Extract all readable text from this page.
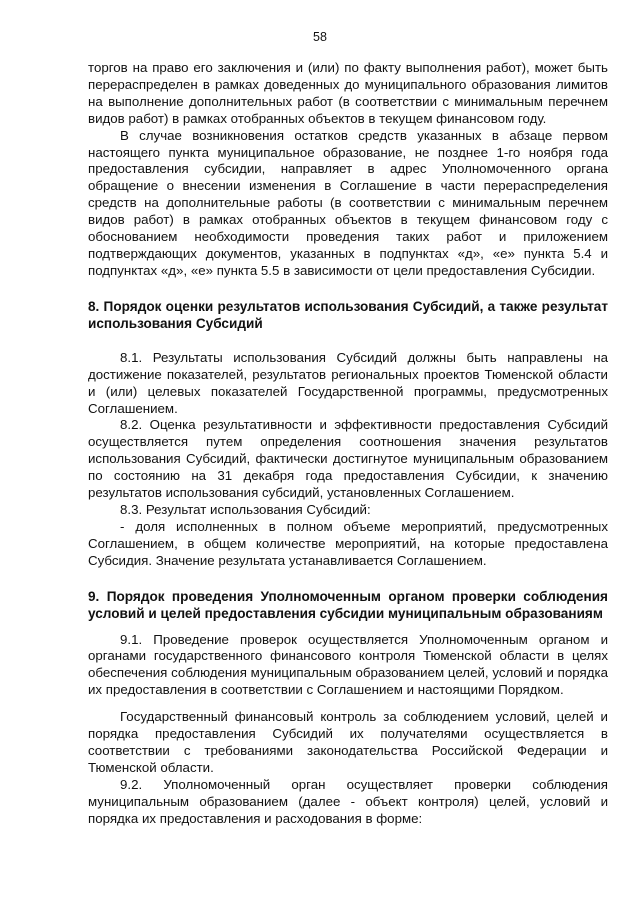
58

торгов на право его заключения и (или) по факту выполнения работ), может быть перераспределен в рамках доведенных до муниципального образования лимитов на выполнение дополнительных работ (в соответствии с минимальным перечнем видов работ) в рамках отобранных объектов в текущем финансовом году.

В случае возникновения остатков средств указанных в абзаце первом настоящего пункта муниципальное образование, не позднее 1-го ноября года предоставления субсидии, направляет в адрес Уполномоченного органа обращение о внесении изменения в Соглашение в части перераспределения средств на дополнительные работы (в соответствии с минимальным перечнем видов работ) в рамках отобранных объектов в текущем финансовом году с обоснованием необходимости проведения таких работ и приложением подтверждающих документов, указанных в подпунктах «д», «е» пункта 5.4 и подпунктах «д», «е» пункта 5.5 в зависимости от цели предоставления Субсидии.

8. Порядок оценки результатов использования Субсидий, а также результат использования Субсидий

8.1. Результаты использования Субсидий должны быть направлены на достижение показателей, результатов региональных проектов Тюменской области и (или) целевых показателей Государственной программы, предусмотренных Соглашением.

8.2. Оценка результативности и эффективности предоставления Субсидий осуществляется путем определения соотношения значения результатов использования Субсидий, фактически достигнутое муниципальным образованием по состоянию на 31 декабря года предоставления Субсидии, к значению результатов использования субсидий, установленных Соглашением.

8.3. Результат использования Субсидий:

- доля исполненных в полном объеме мероприятий, предусмотренных Соглашением, в общем количестве мероприятий, на которые предоставлена Субсидия. Значение результата устанавливается Соглашением.

9. Порядок проведения Уполномоченным органом проверки соблюдения условий и целей предоставления субсидии муниципальным образованиям

9.1. Проведение проверок осуществляется Уполномоченным органом и органами государственного финансового контроля Тюменской области в целях обеспечения соблюдения муниципальным образованием целей, условий и порядка их предоставления в соответствии с Соглашением и настоящими Порядком.

Государственный финансовый контроль за соблюдением условий, целей и порядка предоставления Субсидий их получателями осуществляется в соответствии с требованиями законодательства Российской Федерации и Тюменской области.

9.2. Уполномоченный орган осуществляет проверки соблюдения муниципальным образованием (далее - объект контроля) целей, условий и порядка их предоставления и расходования в форме:
